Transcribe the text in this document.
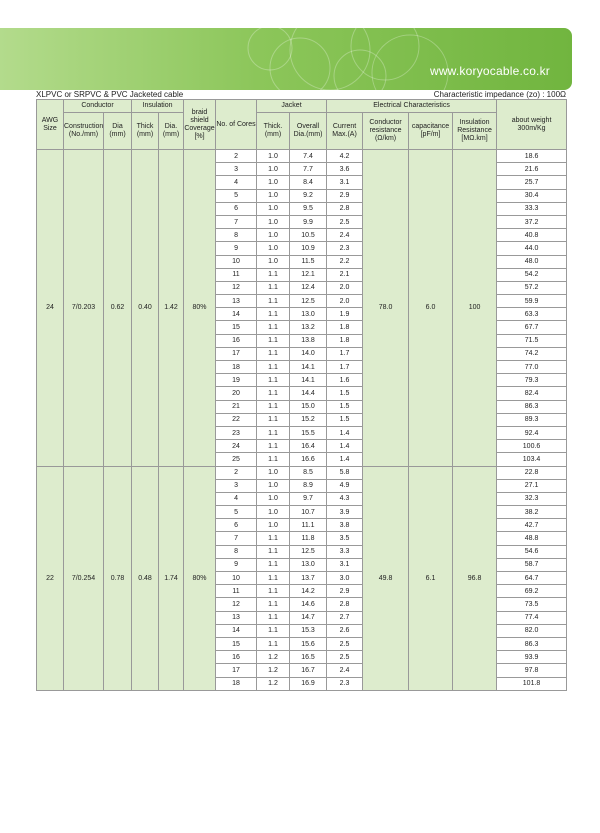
www.koryocable.co.kr
XLPVC or SRPVC & PVC Jacketed cable	Characteristic impedance (zo) : 100Ω
AWG Size	Conductor		Insulation		braid shield Coverage [%]	No. of Cores	Jacket		Electrical Characteristics				about weight 300m/Kg
	Construction (No./mm)	Dia (mm)	Thick (mm)	Dia. (mm)			Thick. (mm)	Overall Dia.(mm)	Current Max.(A)	Conductor resistance (Ω/km)	capacitance [pF/m]	Insulation Resistance [MΩ.km]	
24	7/0.203	0.62	0.40	1.42	80%	2	1.0	7.4	4.2	78.0	6.0	100	18.6
						3	1.0	7.7	3.6				21.6
						4	1.0	8.4	3.1				25.7
						5	1.0	9.2	2.9				30.4
						6	1.0	9.5	2.8				33.3
						7	1.0	9.9	2.5				37.2
						8	1.0	10.5	2.4				40.8
						9	1.0	10.9	2.3				44.0
						10	1.0	11.5	2.2				48.0
						11	1.1	12.1	2.1				54.2
						12	1.1	12.4	2.0				57.2
						13	1.1	12.5	2.0				59.9
						14	1.1	13.0	1.9				63.3
						15	1.1	13.2	1.8				67.7
						16	1.1	13.8	1.8				71.5
						17	1.1	14.0	1.7				74.2
						18	1.1	14.1	1.7				77.0
						19	1.1	14.1	1.6				79.3
						20	1.1	14.4	1.5				82.4
						21	1.1	15.0	1.5				86.3
						22	1.1	15.2	1.5				89.3
						23	1.1	15.5	1.4				92.4
						24	1.1	16.4	1.4				100.6
						25	1.1	16.6	1.4				103.4
22	7/0.254	0.78	0.48	1.74	80%	2	1.0	8.5	5.8	49.8	6.1	96.8	22.8
						3	1.0	8.9	4.9				27.1
						4	1.0	9.7	4.3				32.3
						5	1.0	10.7	3.9				38.2
						6	1.0	11.1	3.8				42.7
						7	1.1	11.8	3.5				48.8
						8	1.1	12.5	3.3				54.6
						9	1.1	13.0	3.1				58.7
						10	1.1	13.7	3.0				64.7
						11	1.1	14.2	2.9				69.2
						12	1.1	14.6	2.8				73.5
						13	1.1	14.7	2.7				77.4
						14	1.1	15.3	2.6				82.0
						15	1.1	15.6	2.5				86.3
						16	1.2	16.5	2.5				93.9
						17	1.2	16.7	2.4				97.8
						18	1.2	16.9	2.3				101.8
